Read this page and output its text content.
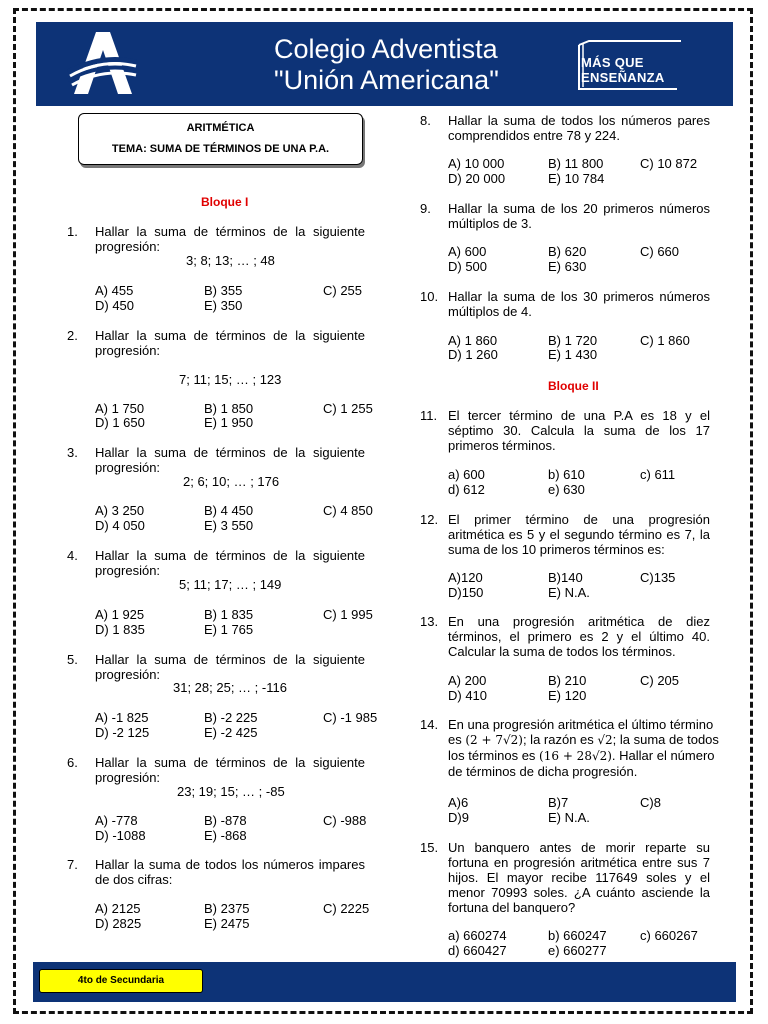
Colegio Adventista
"Unión Americana"
MÁS QUE
ENSEÑANZA
ARITMÉTICA
TEMA: SUMA DE TÉRMINOS DE UNA P.A.
Bloque I
1. Hallar la suma de términos de la siguiente progresión:
3; 8; 13; … ; 48
A) 455	B) 355	C) 255
D) 450	E) 350
2. Hallar la suma de términos de la siguiente progresión:
7; 11; 15; … ; 123
A) 1 750	B) 1 850	C) 1 255
D) 1 650	E) 1 950
3. Hallar la suma de términos de la siguiente progresión:
2; 6; 10; … ; 176
A) 3 250	B) 4 450	C) 4 850
D) 4 050	E) 3 550
4. Hallar la suma de términos de la siguiente progresión:
5; 11; 17; … ; 149
A) 1 925	B) 1 835	C) 1 995
D) 1 835	E) 1 765
5. Hallar la suma de términos de la siguiente progresión:
31; 28; 25; … ; -116
A) -1 825	B) -2 225	C) -1 985
D) -2 125	E) -2 425
6. Hallar la suma de términos de la siguiente progresión:
23; 19; 15; … ; -85
A) -778	B) -878	C) -988
D) -1088	E) -868
7. Hallar la suma de todos los números impares de dos cifras:
A) 2125	B) 2375	C) 2225
D) 2825	E) 2475
8. Hallar la suma de todos los números pares comprendidos entre 78 y 224.
A) 10 000	B) 11 800	C) 10 872
D) 20 000	E) 10 784
9. Hallar la suma de los 20 primeros números múltiplos de 3.
A) 600	B) 620	C) 660
D) 500	E) 630
10. Hallar la suma de los 30 primeros números múltiplos de 4.
A) 1 860	B) 1 720	C) 1 860
D) 1 260	E) 1 430
Bloque II
11. El tercer término de una P.A es 18 y el séptimo 30. Calcula la suma de los 17 primeros términos.
a) 600	b) 610	c) 611
d) 612	e) 630
12. El primer término de una progresión aritmética es 5 y el segundo término es 7, la suma de los 10 primeros términos es:
A)120	B)140	C)135
D)150	E) N.A.
13. En una progresión aritmética de diez términos, el primero es 2 y el último 40. Calcular la suma de todos los términos.
A) 200	B) 210	C) 205
D) 410	E) 120
14. En una progresión aritmética el último término
es (2 + 7√2); la razón es √2; la suma de todos
los términos es (16 + 28√2). Hallar el número
de términos de dicha progresión.
A)6	B)7	C)8
D)9	E) N.A.
15. Un banquero antes de morir reparte su fortuna en progresión aritmética entre sus 7 hijos. El mayor recibe 117649 soles y el menor 70993 soles. ¿A cuánto asciende la fortuna del banquero?
a) 660274	b) 660247	c) 660267
d) 660427	e) 660277
4to de Secundaria
